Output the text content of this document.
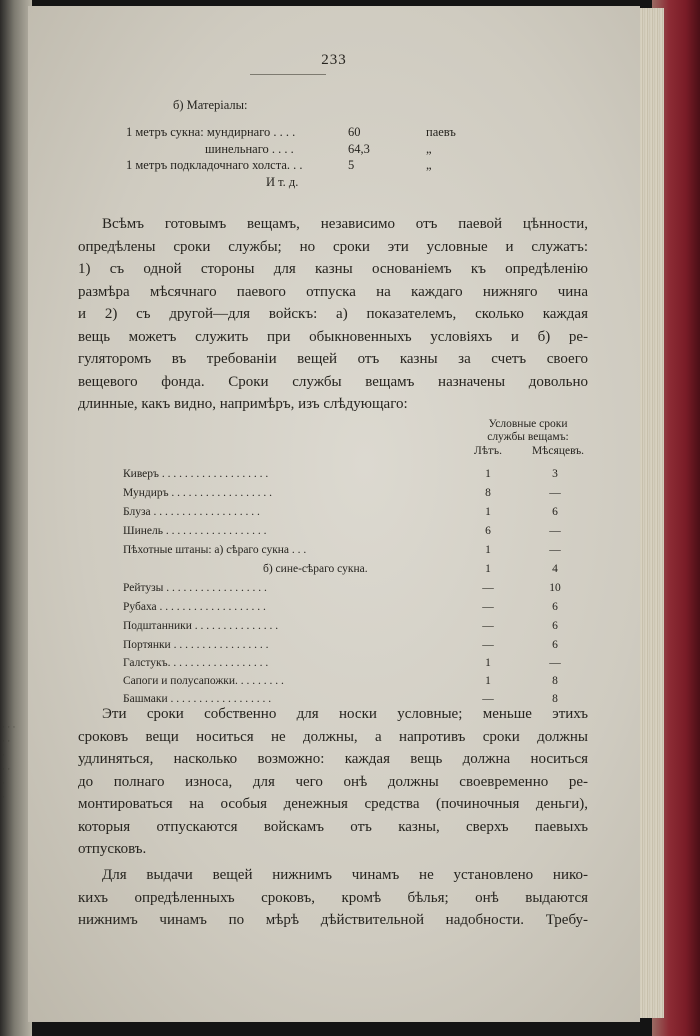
· · ·
· ·
·
· ·
·
·
233
б) Матеріалы:
1 метръ сукна: мундирнаго . . . .	60	паевъ
шинельнаго . . . .	64,3	„
1 метръ подкладочнаго холста. . .	5	„
И т. д.
Всѣмъ готовымъ вещамъ, независимо отъ паевой цѣнности,
опредѣлены сроки службы; но сроки эти условные и служатъ:
1) съ одной стороны для казны основаніемъ къ опредѣленію
размѣра мѣсячнаго паевого отпуска на каждаго нижняго чина
и 2) съ другой—для войскъ: а) показателемъ, сколько каждая
вещь можетъ служить при обыкновенныхъ условіяхъ и б) ре-
гуляторомъ въ требованіи вещей отъ казны за счетъ своего
вещевого фонда. Сроки службы вещамъ назначены довольно
длинные, какъ видно, напримѣръ, изъ слѣдующаго:
Условные сроки
службы вещамъ:
Лѣтъ.	Мѣсяцевъ.
Киверъ . . . . . . . . . . . . . . . . . . .	1	3
Мундиръ . . . . . . . . . . . . . . . . . .	8	—
Блуза . . . . . . . . . . . . . . . . . . .	1	6
Шинель . . . . . . . . . . . . . . . . . .	6	—
Пѣхотные штаны: а) сѣраго сукна . . .	1	—
б) сине-сѣраго сукна.	1	4
Рейтузы . . . . . . . . . . . . . . . . . .	—	10
Рубаха . . . . . . . . . . . . . . . . . . .	—	6
Подштанники . . . . . . . . . . . . . . .	—	6
Портянки . . . . . . . . . . . . . . . . .	—	6
Галстукъ. . . . . . . . . . . . . . . . . .	1	—
Сапоги и полусапожки. . . . . . . . .	1	8
Башмаки . . . . . . . . . . . . . . . . . .	—	8
Эти сроки собственно для носки условные; меньше этихъ
сроковъ вещи носиться не должны, а напротивъ сроки должны
удлиняться, насколько возможно: каждая вещь должна носиться
до полнаго износа, для чего онѣ должны своевременно ре-
монтироваться на особыя денежныя средства (починочныя деньги),
которыя отпускаются войскамъ отъ казны, сверхъ паевыхъ
отпусковъ.
Для выдачи вещей нижнимъ чинамъ не установлено нико-
кихъ опредѣленныхъ сроковъ, кромѣ бѣлья; онѣ выдаются
нижнимъ чинамъ по мѣрѣ дѣйствительной надобности. Требу-
